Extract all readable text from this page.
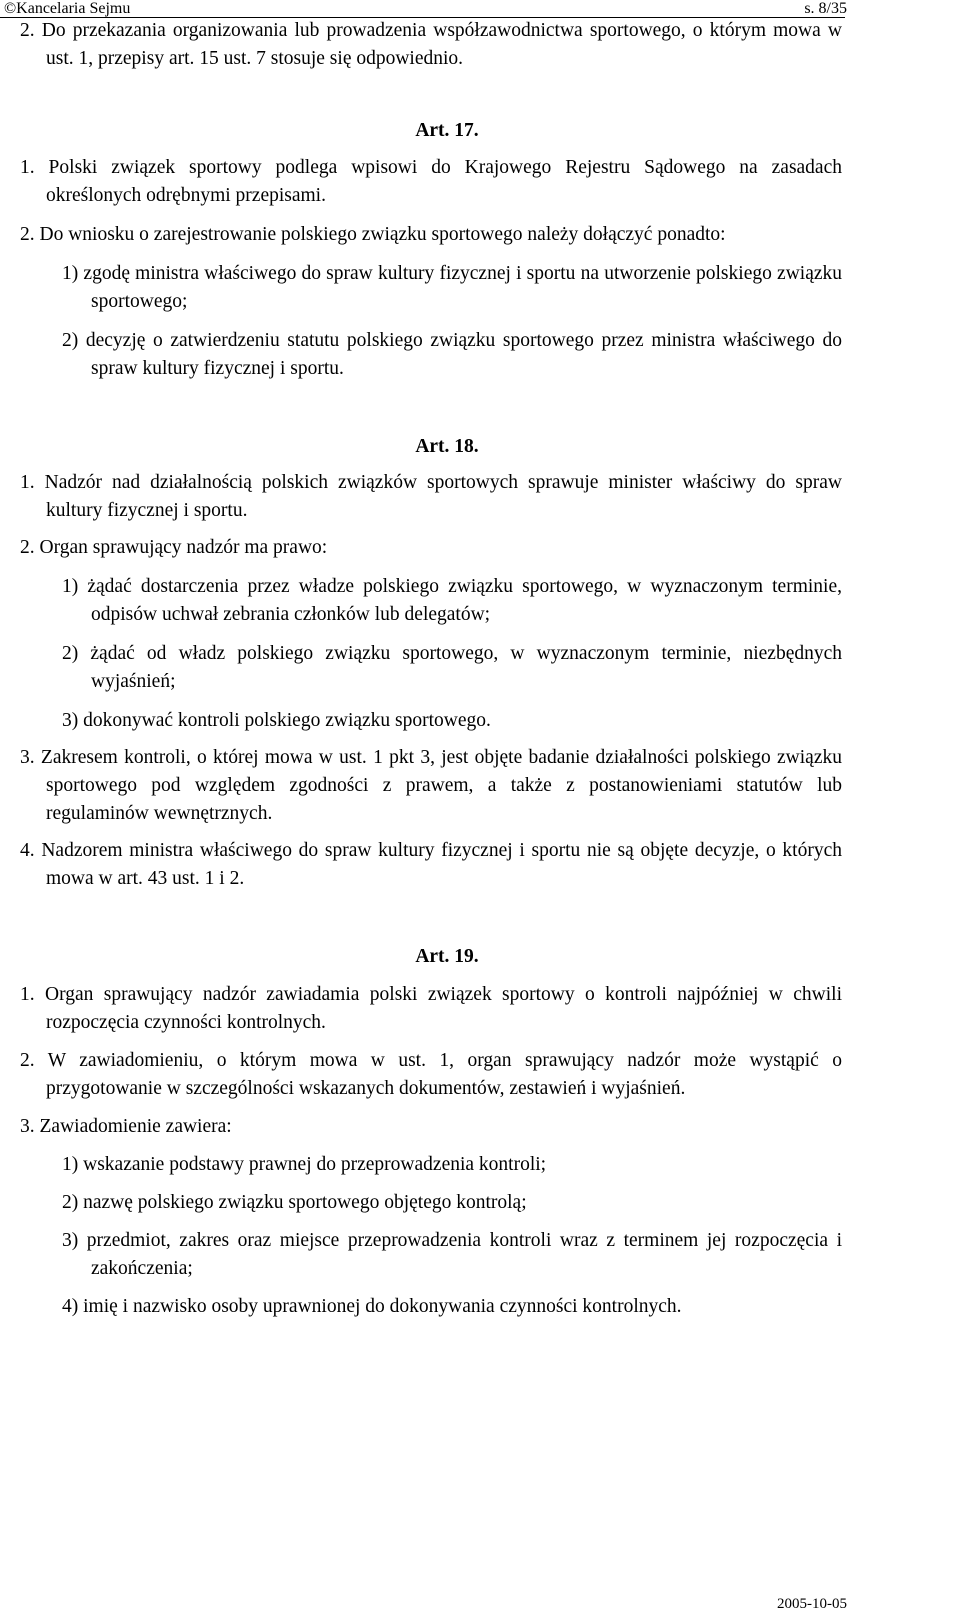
©Kancelaria Sejmu	s. 8/35
2. Do przekazania organizowania lub prowadzenia współzawodnictwa sportowego, o którym mowa w ust. 1, przepisy art. 15 ust. 7 stosuje się odpowiednio.
Art. 17.
1. Polski związek sportowy podlega wpisowi do Krajowego Rejestru Sądowego na zasadach określonych odrębnymi przepisami.
2. Do wniosku o zarejestrowanie polskiego związku sportowego należy dołączyć ponadto:
1) zgodę ministra właściwego do spraw kultury fizycznej i sportu na utworzenie polskiego związku sportowego;
2) decyzję o zatwierdzeniu statutu polskiego związku sportowego przez ministra właściwego do spraw kultury fizycznej i sportu.
Art. 18.
1. Nadzór nad działalnością polskich związków sportowych sprawuje minister właściwy do spraw kultury fizycznej i sportu.
2. Organ sprawujący nadzór ma prawo:
1) żądać dostarczenia przez władze polskiego związku sportowego, w wyznaczonym terminie, odpisów uchwał zebrania członków lub delegatów;
2) żądać od władz polskiego związku sportowego, w wyznaczonym terminie, niezbędnych wyjaśnień;
3) dokonywać kontroli polskiego związku sportowego.
3. Zakresem kontroli, o której mowa w ust. 1 pkt 3, jest objęte badanie działalności polskiego związku sportowego pod względem zgodności z prawem, a także z postanowieniami statutów lub regulaminów wewnętrznych.
4. Nadzorem ministra właściwego do spraw kultury fizycznej i sportu nie są objęte decyzje, o których mowa w art. 43 ust. 1 i 2.
Art. 19.
1. Organ sprawujący nadzór zawiadamia polski związek sportowy o kontroli najpóźniej w chwili rozpoczęcia czynności kontrolnych.
2. W zawiadomieniu, o którym mowa w ust. 1, organ sprawujący nadzór może wystąpić o przygotowanie w szczególności wskazanych dokumentów, zestawień i wyjaśnień.
3. Zawiadomienie zawiera:
1) wskazanie podstawy prawnej do przeprowadzenia kontroli;
2) nazwę polskiego związku sportowego objętego kontrolą;
3) przedmiot, zakres oraz miejsce przeprowadzenia kontroli wraz z terminem jej rozpoczęcia i zakończenia;
4) imię i nazwisko osoby uprawnionej do dokonywania czynności kontrolnych.
2005-10-05
